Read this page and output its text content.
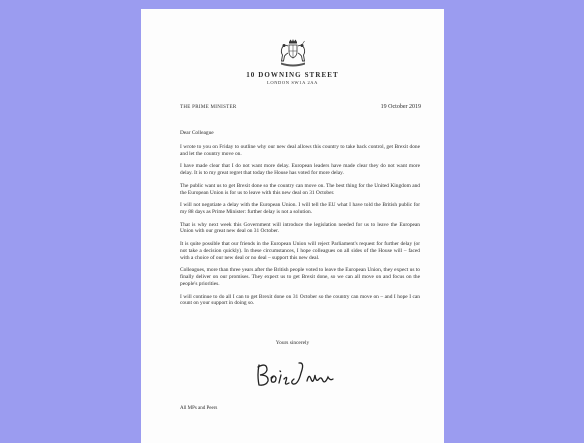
10 DOWNING STREET
LONDON SW1A 2AA
THE PRIME MINISTER	19 October 2019

Dear Colleague

I wrote to you on Friday to outline why our new deal allows this country to take back control, get Brexit done and let the country move on.

I have made clear that I do not want more delay. European leaders have made clear they do not want more delay. It is to my great regret that today the House has voted for more delay.

The public want us to get Brexit done so the country can move on. The best thing for the United Kingdom and the European Union is for us to leave with this new deal on 31 October.

I will not negotiate a delay with the European Union. I will tell the EU what I have told the British public for my 88 days as Prime Minister: further delay is not a solution.

That is why next week this Government will introduce the legislation needed for us to leave the European Union with our great new deal on 31 October.

It is quite possible that our friends in the European Union will reject Parliament's request for further delay (or not take a decision quickly). In these circumstances, I hope colleagues on all sides of the House will – faced with a choice of our new deal or no deal – support this new deal.

Colleagues, more than three years after the British people voted to leave the European Union, they expect us to finally deliver on our promises. They expect us to get Brexit done, so we can all move on and focus on the people's priorities.

I will continue to do all I can to get Brexit done on 31 October so the country can move on – and I hope I can count on your support in doing so.

Yours sincerely
All MPs and Peers
